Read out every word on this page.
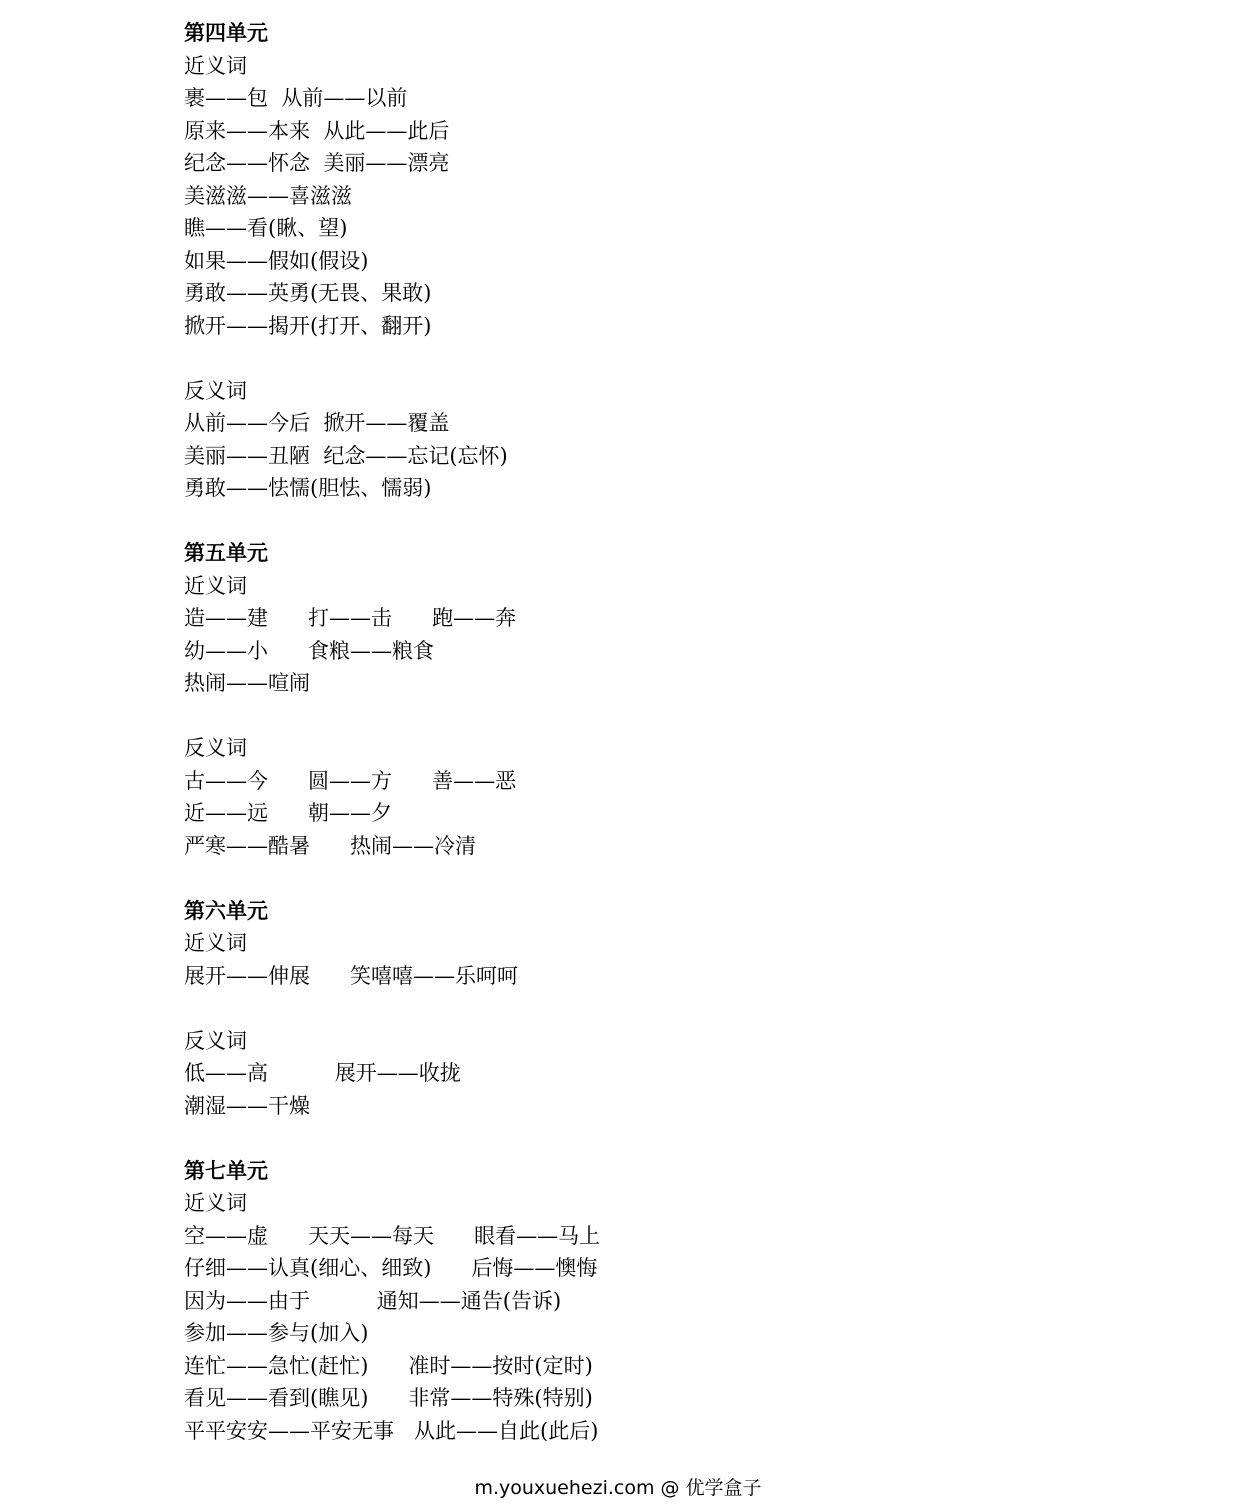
第四单元
近义词
裹——包  从前——以前
原来——本来  从此——此后
纪念——怀念  美丽——漂亮
美滋滋——喜滋滋
瞧——看(瞅、望)
如果——假如(假设)
勇敢——英勇(无畏、果敢)
掀开——揭开(打开、翻开)
反义词
从前——今后  掀开——覆盖
美丽——丑陋  纪念——忘记(忘怀)
勇敢——怯懦(胆怯、懦弱)
第五单元
近义词
造——建      打——击      跑——奔
幼——小      食粮——粮食
热闹——喧闹
反义词
古——今      圆——方      善——恶
近——远      朝——夕
严寒——酷暑      热闹——冷清
第六单元
近义词
展开——伸展      笑嘻嘻——乐呵呵
反义词
低——高          展开——收拢
潮湿——干燥
第七单元
近义词
空——虚      天天——每天      眼看——马上
仔细——认真(细心、细致)      后悔——懊悔
因为——由于          通知——通告(告诉)
参加——参与(加入)
连忙——急忙(赶忙)      准时——按时(定时)
看见——看到(瞧见)      非常——特殊(特别)
平平安安——平安无事   从此——自此(此后)
m.youxuehezi.com @ 优学盒子
